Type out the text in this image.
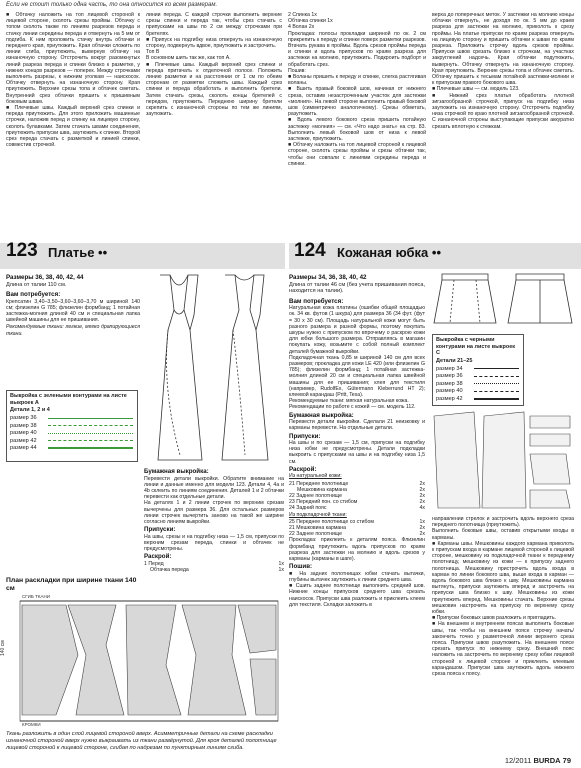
Если не стоит только одна часть, то она относится ко всем размерам.

■ Обтачку наложить на топ лицевой стороной к лицевой стороне, сколоть срезы проймы. Обтачку с топом сколоть также по линиям разрезов переда и стачку линии середины переда и отвернуть на 5 мм от подгиба. К ним проложить стачку внутрь обтачки и переднего края, приутюжить. Края обтачки сложить по линии сгиба, приутюжить, вывернув обтачку на изнаночную сторону. Отстрочить вокруг разомкнутых линий разреза переда и спинки близко к разметке, у нижних концов разрезов — поперек. Между строчками выполнить разрезы, к нижним уголкам — наискосок. Обтачку отвернуть на изнаночную сторону. Края приутюжить. Верхние срезы топа и обтачек сметать. Внутренний срез обтачки пришить к пришивным боковым швам.
■ Плечевые швы. Каждый верхний срез спинки и переда приутюжить. Для этого приложить машинные строчки, наложив перед и спинку на лицевую сторону, сколоть булавками. Затем стачать швами соединения, приутюжить припуски шва, заутюжить к спинке. Второй срез переда стачать с разметкой и линией спинки, совместив строчкой.

линии переда. С каждой строчки выполнить верхние срезы спинки и переда так, чтобы срез стачать с припусками на швы по 2 см между строчками при бретелях.
■ Припуск на подгибку низа отвернуть на изнаночную сторону, подвернуть вдвое, приутюжить и застрочить.
Топ В
В основном шить так же, как топ А.
■ Плечевые швы. Каждый верхний срез спинки и переда притачать к отделочной полосе. Положить линию разметки и на расстоянии от 1 см по обеим сторонам от разметки сложить швы. Каждый срез спинки и переда обработать и выполнить бретели. Затем стачать срезы, сколоть концы бретелей с передом, приутюжить. Переднюю ширину бретели скрепить с изнаночной стороны по тем же линиям, заутюжить.

2 Спинка 1x
Обтачка спинки 1x
4 Волан 2x
Прокладка: полосы прокладки шириной по ок. 2 см прикрепить к переду и спинке поверх разметки разрезов. Втачать рукава в проймы. Вдоль срезов проймы переда и спинки и вдоль припусков по краям разреза для застежки на молнию, приутюжить. Подкроить подборт и обработать срез.
Пошив:
■ Воланы пришить к переду и спинке, слегка растягивая воланы.
■ Вшить правый боковой шов, начиная от нижнего среза, оставив незастроченным участок для застежки «молния». На левой стороне выполнить правый боковой шов (симметрично аналогичному). Срезы обметать, разутюжить.
■ Вдоль левого бокового среза пришить потайную застежку «молния» — см. «Что надо знать» на стр. 83. Выполнить левый боковой шов от низа к левой застежке, приутюжить.
■ Обтачку наложить на топ лицевой стороной к лицевой стороне, сколоть срезы проймы и срезы обтачки так, чтобы они совпали с линиями середины переда и спинки.

верха до поперечных меток. У застежки на молнию концы обтачки отвернуть, не доходя по ок. 5 мм до краев разреза для застежки на молнию, приколоть к срезу проймы. На платье припуски по краям разреза отвернуть на лицевую сторону и пришить обтачки к швам по краям разреза. Приложить строчку вдоль срезов проймы. Припуски швов срезать близко к строчкам, на участках закруглений надсечь. Края обтачки подутюжить, вывернуть. Обтачку отвернуть на изнаночную сторону. Края приутюжить. Верхние срезы топа и обтачек сметать. Обтачку пришить к тесьмам потайной застежки-молнии и к припускам правого бокового шва.
■ Плечевые швы — см. модель 123.
■ Нижний срез платья обработать плотной зигзагообразной строчкой, припуск на подгибку низа заутюжить на изнаночную сторону. Отстрочить подгибку низа строчкой по краю плотной зигзагообразной строчкой. С изнаночной стороны выступающие припуски аккуратно срезать вплотную к стежкам.

123 Платье ••	124 Кожаная юбка ••
Размеры 36, 38, 40, 42, 44

Длина от талии 110 см.

Вам потребуется:

Крепсатин 3,40–3,50–3,60–3,60–3,70 м шириной 140 см; флизелин G 785; флизелин формбанд; 1 потайная застежка-молния длиной 40 см и специальная лапка швейной машины для ее пришивания.

Рекомендуемые ткани: легкие, мягко драпирующиеся ткани.

Выкройка с зелеными контурами на листе выкроек А
Детали 1, 2 и 4
размер 36
размер 38
размер 40
размер 42
размер 44
Бумажная выкройка:

Перевести детали выкройки. Обратите внимание на линии и данные именно для модели 123. Детали 4, 4a и 4b склеить по линиям соединения. Деталей 1 и 2 обтачки перевести как отдельные детали.
На деталях 1 и 2 линии строчек по верхним срезам вычерчены для размера 36. Для остальных размеров линии строчек вычертить заново на такой же ширине согласно линиям выкройки.

Припуски:

На швы, срезы и на подгибку низа — 1,5 см, припуски по верхним срезам переда, спинки и обтачек не предусмотрены.

Раскрой:
1 Перед	1x
Обтачка переда	1x
План раскладки при ширине ткани 140 см
СГИБ ТКАНИ
КРОМКИ
140 см
Ткань разложить в один слой лицевой стороной вверх. Асимметричные детали на схеме раскладки изнаночной стороной вверх нужно выкраивать из ткани развёрнутой. Для кроя деталей полотнище лицевой стороной к лицевой стороне, сгибая по надрезам по пунктирным линиям сгиба.
Размеры 34, 36, 38, 40, 42

Длина от талии 46 см (без учета пришивания пояса, находится на талии).

Вам потребуется:

Натуральная кожа платины (ошибки общей площадью ок. 34 кв. футов (1 шкура) для размера 36 (34 фут. (фут = 30 х 30 см). Площадь натуральной кожи могут быть разного размера и разной формы, поэтому покупать шкуры нужно с припуском по впрочему о раскрою кожи для юбки большого размера. Отправляясь в магазин покупать кожу, возьмите с собой полный комплект деталей бумажной выкройки.
Подкладочная ткань 0,85 м шириной 140 см для всех размеров; прокладка для кожи LE 420 (или флизелин G 785); флизелин формбанд; 1 потайная застежка-молния длиной 20 см и специальная лапка швейной машины для ее пришивания; клея для текстиля (например, RudolfEx, Gütermann Kleberrund HT 2); клеевой карандаш (Pritt, Tesa).
Рекомендуемые ткани: мягкая натуральная кожа.
Рекомендации по работе с кожей — см. модель 112.

Бумажная выкройка:

Перевести детали выкройки. Сделали 21 неизковку и карманы перевести. На отдельные детали.

Припуски:

На швы и по срезам — 1,5 см, припуски на подгибку низа юбки не предусмотрены. Детали подкладки выкроить с припусками на швы и на подгибку низа 1,5 см.

Раскрой:

Из натуральной кожи:

21 Переднее полотнище	2x
Мешковина кармана	2x
22 Заднее полотнище	2x
23 Передний пон. со стибом	2x
24 Задний пояс	4x

Из подкладочной ткани:

25 Переднее полотнище со стибом	1x
21 Мешковина кармана	2x
22 Заднее полотнище	2x

Прокладка: приклеить к деталям пояса. Флизелин формбанд приутюжить вдоль припусков по краям разреза для застежки на молнию и вдоль срезов у карманы (карманы в шаге).

Пошив:

■ На задних полотнищах юбки стачать вытачки, глубины вытачек заутюжить к линии среднего шва.
■ Сшить заднее полотнище выполнить средний шов. Нижние концы припусков среднего шва срезать наискосок. Припуски шва разложить и приклеить клеем для текстиля. Складки заложить в

Выкройка с черными контурами на листе выкроек С
Детали 21–25
размер 34
размер 36
размер 38
размер 40
размер 42

направлении стрелок и застрочить вдоль верхнего среза переднего полотнища (приутюжить).
Выполнить боковые швы, оставив открытыми входы в карманы.
■ Карманы швы. Мешковины каждого кармана приколоть к припускам входа в кармане лицевой стороной к лицевой стороне, мешковину из подкладочной ткани к переднему полотнищу, мешковину из кожи — к припуску заднего полотнища. Мешковину пристрочить вдоль входа в карман по линии бокового шва, выше входа в карман — вдоль бокового шва близко к шву. Мешковины кармана вытянуть, припуски заутюжить вперед и застрочить на припуски шва близко к шву. Мешковины из кожи приутюжить вперед. Мешковины стачать. Верхние срезы мешковин настрочить на припуску по верхнему срезу юбки.
■ Припуски боковых швов разложить и пригладить.
■ На внешнем и внутреннем поясах выполнить боковые швы, так чтобы на внешнем поясе строчку начать/закончить точно у разметочной линии верхнего среза пояса. Припуски швов разутюжить. На внешнем поясе срезать припуск по нижнему срезу. Внешний пояс наложить на застрочить по верхнему срезу юбки лицевой стороной к лицевой стороне и приклеить клеевым карандашом. Припуски шва заутюжить вдоль нижнего среза пояса к поясу.

12/2011 BURDA 79
